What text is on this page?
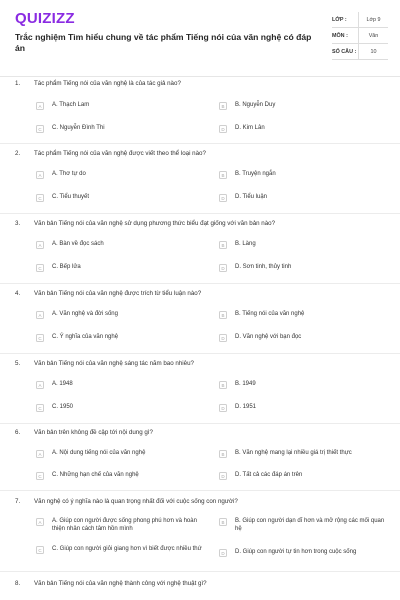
QUIZIZZ
Trắc nghiệm Tìm hiểu chung về tác phẩm Tiếng nói của văn nghệ có đáp án
LỚP :	Lớp 9
MÔN :	Văn
SỐ CÂU :	10
1.	Tác phẩm Tiếng nói của văn nghệ là của tác giả nào?
A	A. Thạch Lam	B	B. Nguyễn Duy
C	C. Nguyễn Đình Thi	D	D. Kim Lân
2.	Tác phẩm Tiếng nói của văn nghệ được viết theo thể loại nào?
A	A. Thơ tự do	B	B. Truyện ngắn
C	C. Tiểu thuyết	D	D. Tiểu luận
3.	Văn bản Tiếng nói của văn nghệ sử dụng phương thức biểu đạt giống với văn bản nào?
A	A. Bàn về đọc sách	B	B. Làng
C	C. Bếp lửa	D	D. Sơn tinh, thủy tinh
4.	Văn bản Tiếng nói của văn nghệ được trích từ tiểu luận nào?
A	A. Văn nghệ và đời sống	B	B. Tiếng nói của văn nghệ
C	C. Ý nghĩa của văn nghệ	D	D. Văn nghệ với bạn đọc
5.	Văn bản Tiếng nói của văn nghệ sáng tác năm bao nhiêu?
A	A. 1948	B	B. 1949
C	C. 1950	D	D. 1951
6.	Văn bản trên không đề cập tới nội dung gì?
A	A. Nội dung tiếng nói của văn nghệ	B	B. Văn nghệ mang lại nhiều giá trị thiết thực
C	C. Những hạn chế của văn nghệ	D	D. Tất cả các đáp án trên
7.	Văn nghệ có ý nghĩa nào là quan trọng nhất đối với cuộc sống con người?
A	A. Giúp con người được sống phong phú hơn và hoàn thiện nhân cách tâm hồn mình
B	B. Giúp con người dạn dĩ hơn và mở rộng các mối quan hệ
C	C. Giúp con người giỏi giang hơn vì biết được nhiều thứ
D	D. Giúp con người tự tin hơn trong cuộc sống
8.	Văn bản Tiếng nói của văn nghệ thành công với nghệ thuật gì?
